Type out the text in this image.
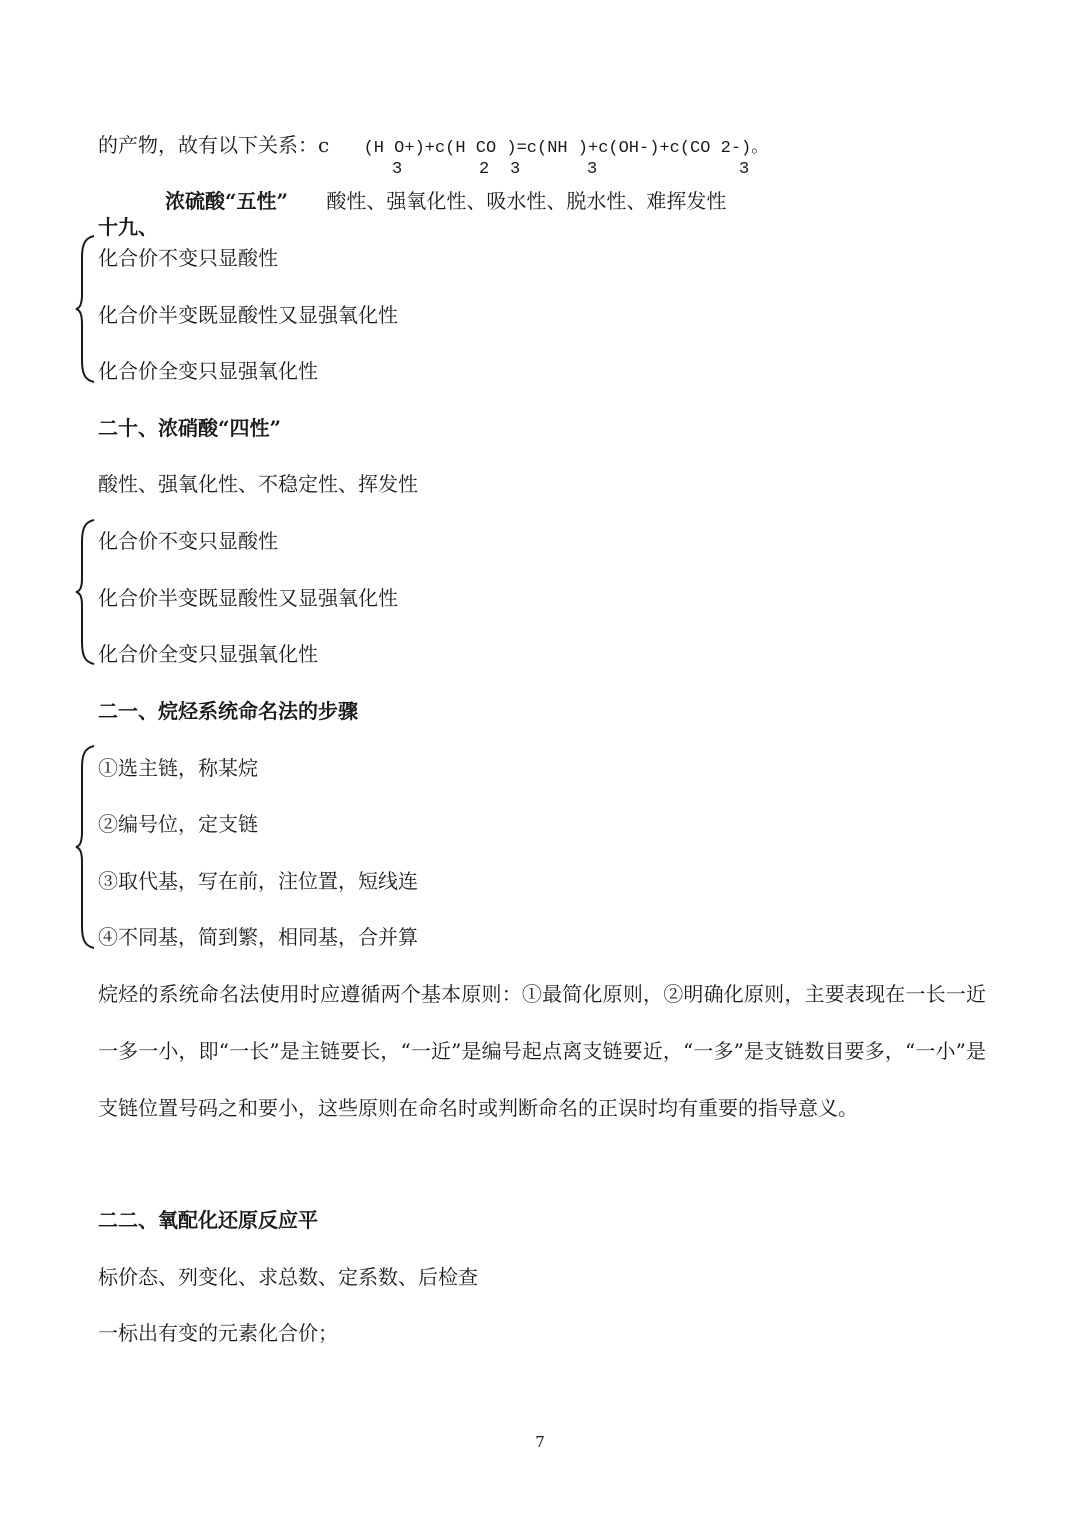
的产物，故有以下关系：c (H O+)+c(H CO )=c(NH )+c(OH-)+c(CO 2-)。
3	2 3	3	3
浓硫酸“五性” 酸性、强氧化性、吸水性、脱水性、难挥发性
十九、
化合价不变只显酸性
化合价半变既显酸性又显强氧化性
化合价全变只显强氧化性
二十、浓硝酸“四性”
酸性、强氧化性、不稳定性、挥发性
化合价不变只显酸性
化合价半变既显酸性又显强氧化性
化合价全变只显强氧化性
二一、烷烃系统命名法的步骤
①选主链，称某烷
②编号位，定支链
③取代基，写在前，注位置，短线连
④不同基，简到繁，相同基，合并算
烷烃的系统命名法使用时应遵循两个基本原则：①最简化原则，②明确化原则，主要表现在一长一近一多一小，即“一长”是主链要长，“一近”是编号起点离支链要近，“一多”是支链数目要多，“一小”是支链位置号码之和要小，这些原则在命名时或判断命名的正误时均有重要的指导意义。
二二、氧配化还原反应平
标价态、列变化、求总数、定系数、后检查
一标出有变的元素化合价；
7
